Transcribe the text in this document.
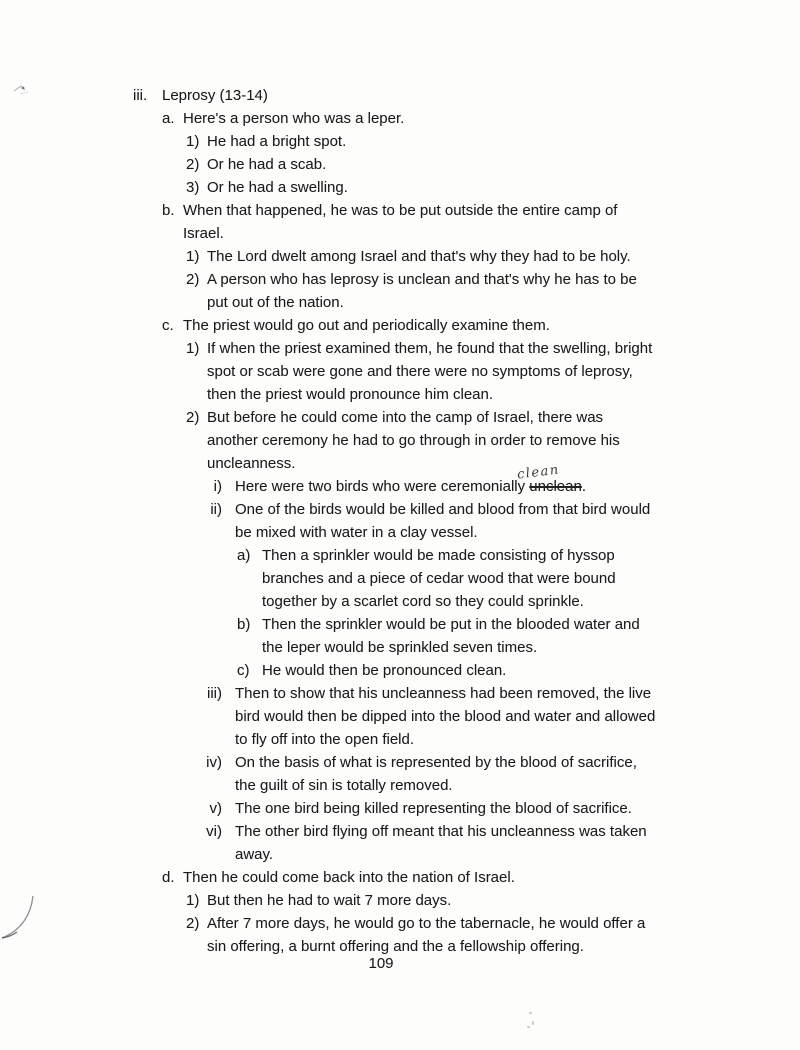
iii. Leprosy (13-14)
a. Here's a person who was a leper.
1) He had a bright spot.
2) Or he had a scab.
3) Or he had a swelling.
b. When that happened, he was to be put outside the entire camp of
Israel.
1) The Lord dwelt among Israel and that's why they had to be holy.
2) A person who has leprosy is unclean and that's why he has to be
put out of the nation.
c. The priest would go out and periodically examine them.
1) If when the priest examined them, he found that the swelling, bright
spot or scab were gone and there were no symptoms of leprosy,
then the priest would pronounce him clean.
2) But before he could come into the camp of Israel, there was
another ceremony he had to go through in order to remove his
uncleanness.
i) Here were two birds who were ceremonially unclean
clean
.
ii) One of the birds would be killed and blood from that bird would
be mixed with water in a clay vessel.
a) Then a sprinkler would be made consisting of hyssop
branches and a piece of cedar wood that were bound
together by a scarlet cord so they could sprinkle.
b) Then the sprinkler would be put in the blooded water and
the leper would be sprinkled seven times.
c) He would then be pronounced clean.
iii) Then to show that his uncleanness had been removed, the live
bird would then be dipped into the blood and water and allowed
to fly off into the open field.
iv) On the basis of what is represented by the blood of sacrifice,
the guilt of sin is totally removed.
v) The one bird being killed representing the blood of sacrifice.
vi) The other bird flying off meant that his uncleanness was taken
away.
d. Then he could come back into the nation of Israel.
1) But then he had to wait 7 more days.
2) After 7 more days, he would go to the tabernacle, he would offer a
sin offering, a burnt offering and the a fellowship offering.
109
